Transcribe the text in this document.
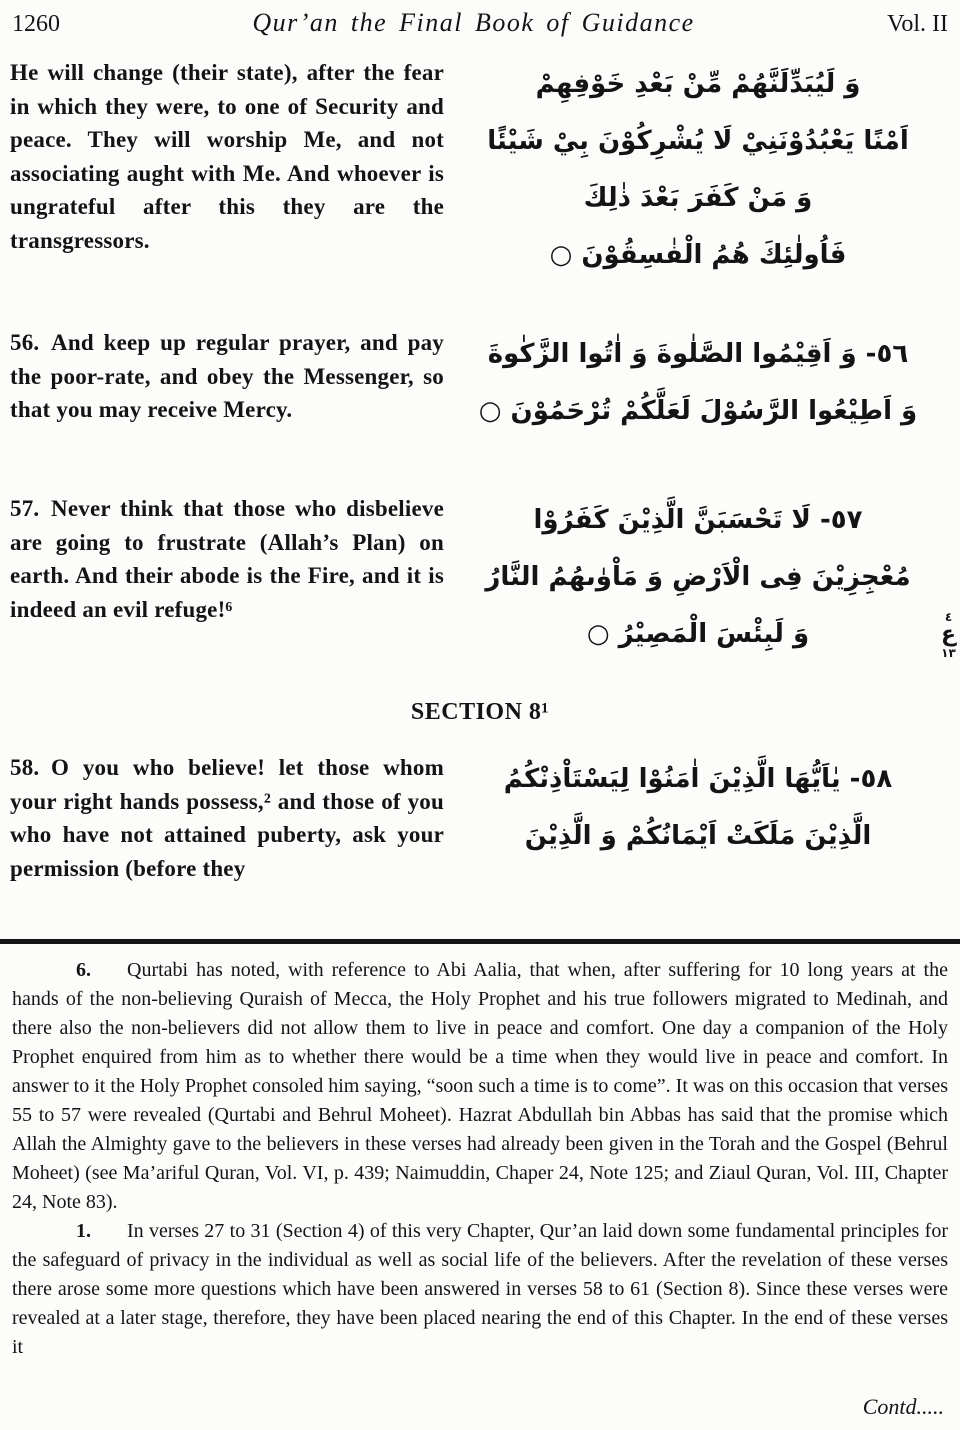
1260	Qur’an the Final Book of Guidance	Vol. II

He will change (their state), after the fear in which they were, to one of Security and peace. They will worship Me, and not associating aught with Me. And whoever is ungrateful after this they are the transgressors.

وَ لَيُبَدِّلَنَّهُمْ مِّنْ بَعْدِ خَوْفِهِمْ
اَمْنًا يَعْبُدُوْنَنِيْ لَا يُشْرِكُوْنَ بِيْ شَيْئًا
وَ مَنْ كَفَرَ بَعْدَ ذٰلِكَ
فَاُولٰئِكَ هُمُ الْفٰسِقُوْنَ ○

56. And keep up regular prayer, and pay the poor-rate, and obey the Messenger, so that you may receive Mercy.

٥٦- وَ اَقِيْمُوا الصَّلٰوةَ وَ اٰتُوا الزَّكٰوةَ
وَ اَطِيْعُوا الرَّسُوْلَ لَعَلَّكُمْ تُرْحَمُوْنَ ○

57. Never think that those who disbelieve are going to frustrate (Allah’s Plan) on earth. And their abode is the Fire, and it is indeed an evil refuge!⁶

٥٧- لَا تَحْسَبَنَّ الَّذِيْنَ كَفَرُوْا
مُعْجِزِيْنَ فِى الْاَرْضِ وَ مَاْوٰىهُمُ النَّارُ
وَ لَبِئْسَ الْمَصِيْرُ ○
٤
ع
١٣
SECTION 8¹

58. O you who believe! let those whom your right hands possess,² and those of you who have not attained puberty, ask your permission (before they

٥٨- يٰاَيُّهَا الَّذِيْنَ اٰمَنُوْا لِيَسْتَاْذِنْكُمُ
الَّذِيْنَ مَلَكَتْ اَيْمَانُكُمْ وَ الَّذِيْنَ

6. Qurtabi has noted, with reference to Abi Aalia, that when, after suffering for 10 long years at the hands of the non-believing Quraish of Mecca, the Holy Prophet and his true followers migrated to Medinah, and there also the non-believers did not allow them to live in peace and comfort. One day a companion of the Holy Prophet enquired from him as to whether there would be a time when they would live in peace and comfort. In answer to it the Holy Prophet consoled him saying, “soon such a time is to come”. It was on this occasion that verses 55 to 57 were revealed (Qurtabi and Behrul Moheet). Hazrat Abdullah bin Abbas has said that the promise which Allah the Almighty gave to the believers in these verses had already been given in the Torah and the Gospel (Behrul Moheet) (see Ma’ariful Quran, Vol. VI, p. 439; Naimuddin, Chaper 24, Note 125; and Ziaul Quran, Vol. III, Chapter 24, Note 83).

1. In verses 27 to 31 (Section 4) of this very Chapter, Qur’an laid down some fundamental principles for the safeguard of privacy in the individual as well as social life of the believers. After the revelation of these verses there arose some more questions which have been answered in verses 58 to 61 (Section 8). Since these verses were revealed at a later stage, therefore, they have been placed nearing the end of this Chapter. In the end of these verses it

Contd.....
